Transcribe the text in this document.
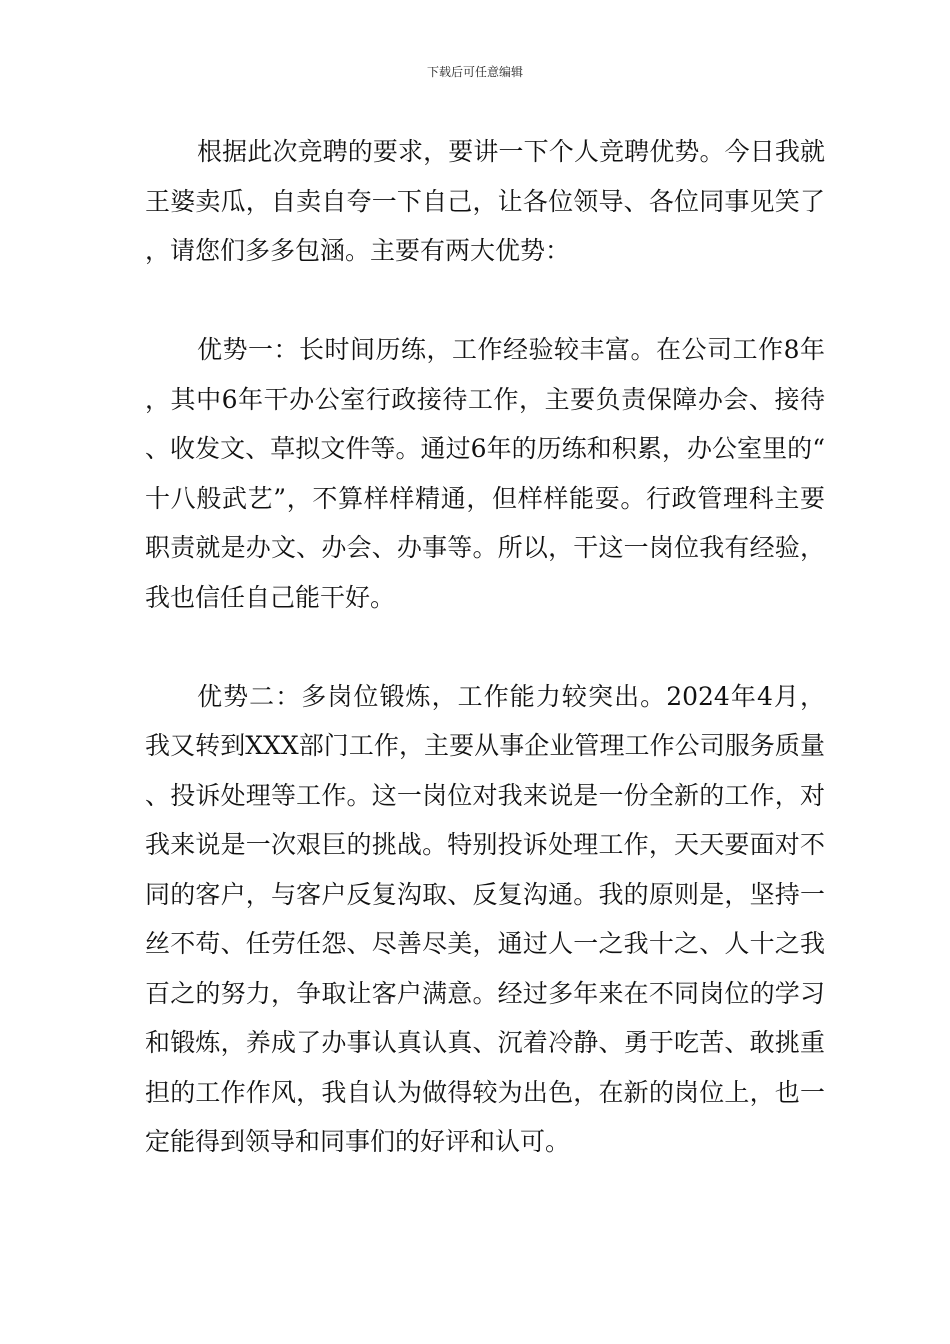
下载后可任意编辑

根据此次竞聘的要求，要讲一下个人竞聘优势。今日我就王婆卖瓜，自卖自夸一下自己，让各位领导、各位同事见笑了，请您们多多包涵。主要有两大优势：

优势一：长时间历练，工作经验较丰富。在公司工作8年，其中6年干办公室行政接待工作，主要负责保障办会、接待、收发文、草拟文件等。通过6年的历练和积累，办公室里的“十八般武艺”，不算样样精通，但样样能耍。行政管理科主要职责就是办文、办会、办事等。所以，干这一岗位我有经验，我也信任自己能干好。

优势二：多岗位锻炼，工作能力较突出。2024年4月，我又转到XXX部门工作，主要从事企业管理工作公司服务质量、投诉处理等工作。这一岗位对我来说是一份全新的工作，对我来说是一次艰巨的挑战。特别投诉处理工作，天天要面对不同的客户，与客户反复沟取、反复沟通。我的原则是，坚持一丝不苟、任劳任怨、尽善尽美，通过人一之我十之、人十之我百之的努力，争取让客户满意。经过多年来在不同岗位的学习和锻炼，养成了办事认真认真、沉着冷静、勇于吃苦、敢挑重担的工作作风，我自认为做得较为出色，在新的岗位上，也一定能得到领导和同事们的好评和认可。
